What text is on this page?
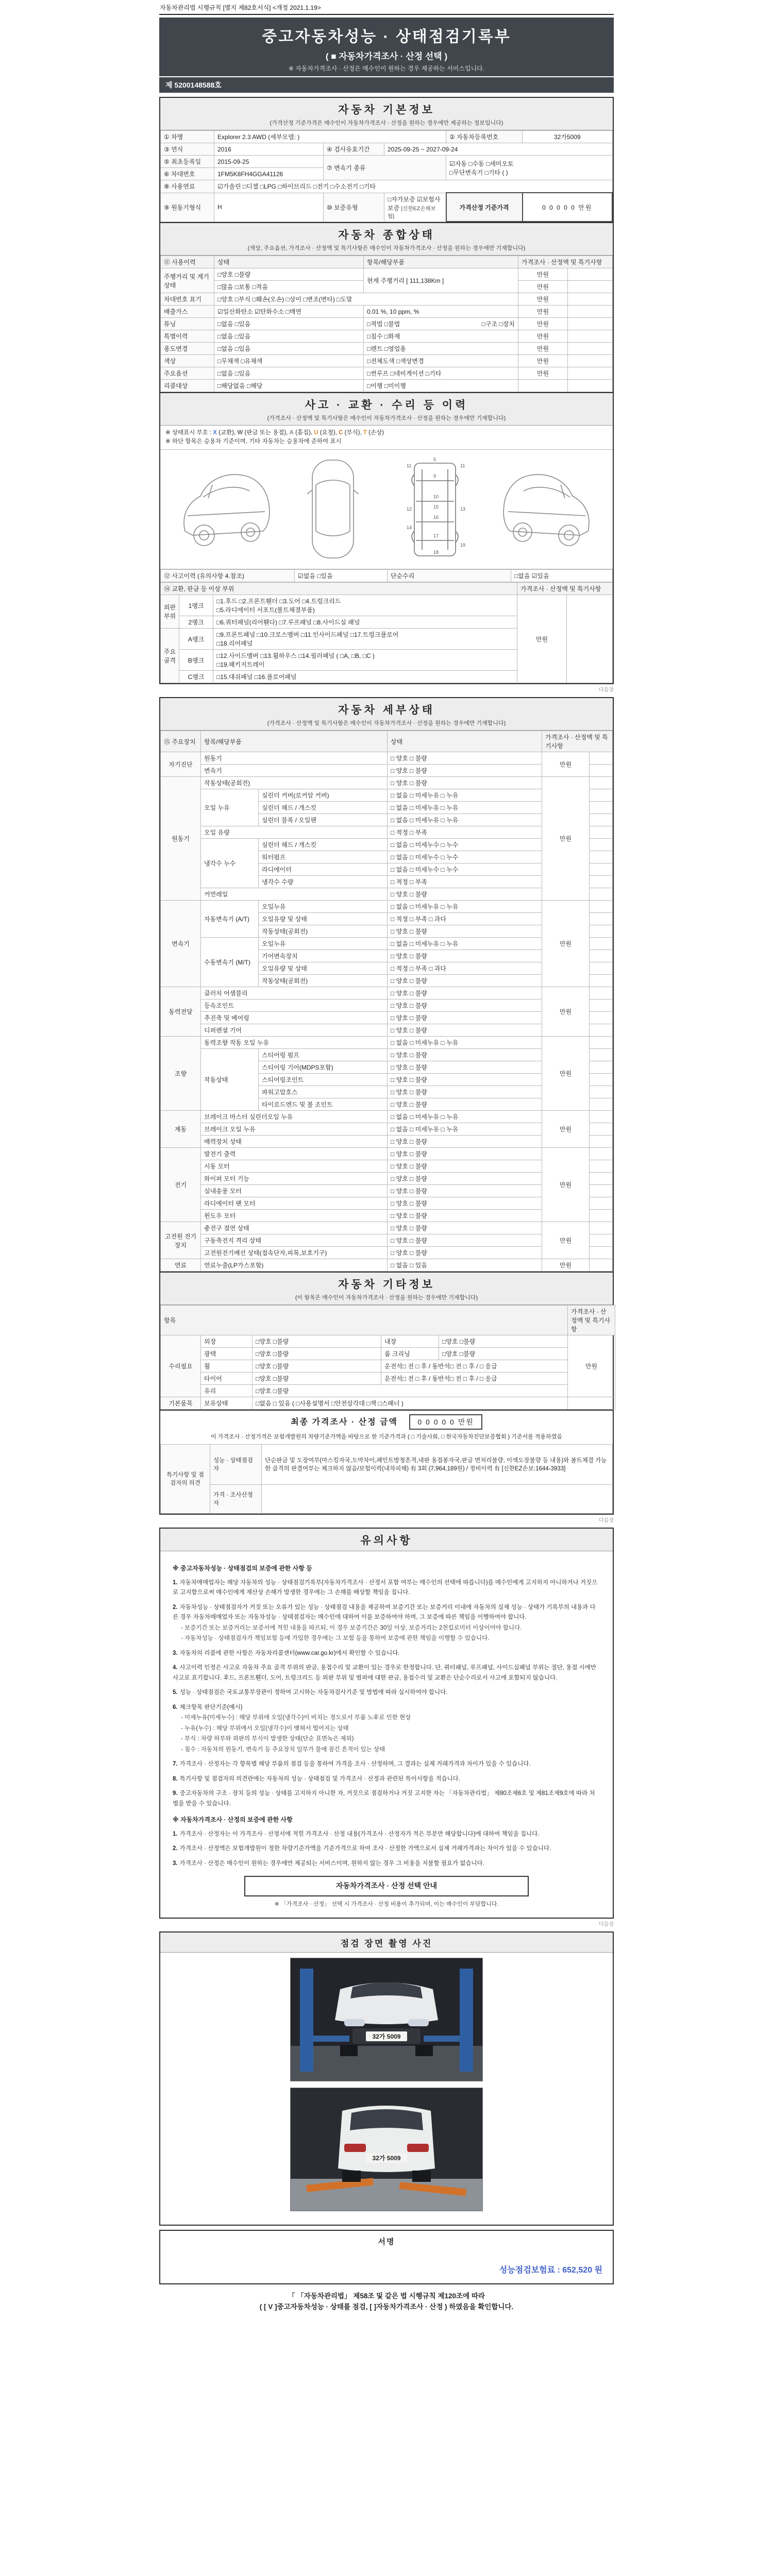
자동차관리법 시행규칙 [별지 제82호서식] <개정 2021.1.19>
중고자동차성능 · 상태점검기록부
( ■ 자동차가격조사 · 산정 선택 )
※ 자동차가격조사 · 산정은 매수인이 원하는 경우 제공하는 서비스입니다.
제 5200148588호
자동차 기본정보
(가격산정 기준가격은 매수인이 자동차가격조사 · 산정을 원하는 경우에만 제공하는 정보입니다)
① 차명	Explorer 2.3 AWD (세부모델: )			② 자동차등록번호	32가5009
③ 연식	2016	④ 검사유효기간	2025-09-25 ~ 2027-09-24		
⑤ 최초등록일	2015-09-25	⑦ 변속기 종류		☑자동 □수동 □세미오토
□무단변속기 □기타 ( )	

⑥ 차대번호	1FM5K8FH4GGA41126				
⑧ 사용연료	☑가솔린 □디젤 □LPG □하이브리드 □전기 □수소전기 □기타				
⑨ 원동기형식	H	⑩ 보증유형	□자가보증 ☑보험사보증 [신한EZ손해보험]	가격산정 기준가격	0 0 0 0 0 만원
자동차 종합상태
(색상, 주요옵션, 가격조사 · 산정액 및 특기사항은 매수인이 자동차가격조사 · 산정을 원하는 경우에만 기재합니다)
⑪ 사용이력	상태	항목/해당부품	가격조사 · 산정액 및 특기사항	
주행거리 및 계기상태	□양호 □불량	현재 주행거리 [ 111,138Km ]	만원	
	□많음 □보통 □적음		만원	
차대번호 표기	□양호 □부식 □훼손(오손) □상이 □변조(변타) □도말		만원	
배출가스	☑일산화탄소 ☑탄화수소 □매연	0.01 %, 10 ppm, %	만원	
튜닝	□없음 □있음	□적법 □불법 □구조 □장치	만원	
특별이력	□없음 □있음	□침수 □화재	만원	
용도변경	□없음 □있음	□렌트 □영업용	만원	
색상	□무채색 □유채색	□전체도색 □색상변경	만원	
주요옵션	□없음 □있음	□썬루프 □네비게이션 □기타	만원	
리콜대상	□해당없음 □해당	□이행 □미이행		
사고 · 교환 · 수리 등 이력
(가격조사 · 산정액 및 특기사항은 매수인이 자동차가격조사 · 산정을 원하는 경우에만 기재합니다)
※ 상태표시 부호 : X (교환), W (판금 또는 용접), A (흠집), U (요철), C (부식), T (손상)
※ 하단 항목은 승용차 기준이며, 기타 자동차는 승용차에 준하여 표시
5
11	11
9
10
12	13
14
15
16
17
18
19
⑫ 사고이력 (유의사항 4.참조)	☑없음 □있음	단순수리	□없음 ☑있음
⑭ 교환, 판금 등 이상 부위			가격조사 · 산정액 및 특기사항	
외판부위	1랭크	□1.후드 □2.프론트휀더 □3.도어 □4.트렁크리드
□5.라디에이터 서포트(볼트체결부품)	만원	
	2랭크	□6.쿼터패널(리어휀다) □7.루프패널 □8.사이드실 패널		
주요골격	A랭크	□9.프론트패널 □10.크로스멤버 □11.인사이드패널 □17.트렁크플로어
□18.리어패널		

	B랭크	□12.사이드멤버 □13.휠하우스 □14.필러패널 ( □A, □B, □C )
□19.패키지트레이		

	C랭크	□15.대쉬패널 □16.플로어패널		
다음장
자동차 세부상태
(가격조사 · 산정액 및 특기사항은 매수인이 자동차가격조사 · 산정을 원하는 경우에만 기재합니다)
⑮ 주요장치	항목/해당부품		상태	가격조사 · 산정액 및 특기사항	
자기진단	원동기		□ 양호 □ 불량	만원	
	변속기		□ 양호 □ 불량		
원동기	작동상태(공회전)		□ 양호 □ 불량	만원	
	오일 누유	실린더 커버(로커암 커버)	□ 없음 □ 미세누유 □ 누유		
		실린더 헤드 / 개스킷	□ 없음 □ 미세누유 □ 누유		
		실린더 블록 / 오일팬	□ 없음 □ 미세누유 □ 누유		
	오일 유량		□ 적정 □ 부족		
	냉각수 누수	실린더 헤드 / 개스킷	□ 없음 □ 미세누수 □ 누수		
		워터펌프	□ 없음 □ 미세누수 □ 누수		
		라디에이터	□ 없음 □ 미세누수 □ 누수		
		냉각수 수량	□ 적정 □ 부족		
	커먼레일		□ 양호 □ 불량		
변속기	자동변속기 (A/T)	오일누유	□ 없음 □ 미세누유 □ 누유	만원	
		오일유량 및 상태	□ 적정 □ 부족 □ 과다		
		작동상태(공회전)	□ 양호 □ 불량		
	수동변속기 (M/T)	오일누유	□ 없음 □ 미세누유 □ 누유		
		기어변속장치	□ 양호 □ 불량		
		오일유량 및 상태	□ 적정 □ 부족 □ 과다		
		작동상태(공회전)	□ 양호 □ 불량		
동력전달	클러치 어셈블리		□ 양호 □ 불량	만원	
	등속조인트		□ 양호 □ 불량		
	추진축 및 베어링		□ 양호 □ 불량		
	디퍼렌셜 기어		□ 양호 □ 불량		
조향	동력조향 작동 오일 누유		□ 없음 □ 미세누유 □ 누유	만원	
	작동상태	스티어링 펌프	□ 양호 □ 불량		
		스티어링 기어(MDPS포함)	□ 양호 □ 불량		
		스티어링조인트	□ 양호 □ 불량		
		파워고압호스	□ 양호 □ 불량		
		타이로드엔드 및 볼 조인트	□ 양호 □ 불량		
제동	브레이크 마스터 실린더오일 누유		□ 없음 □ 미세누유 □ 누유	만원	
	브레이크 오일 누유		□ 없음 □ 미세누유 □ 누유		
	배력장치 상태		□ 양호 □ 불량		
전기	발전기 출력		□ 양호 □ 불량	만원	
	시동 모터		□ 양호 □ 불량		
	와이퍼 모터 기능		□ 양호 □ 불량		
	실내송풍 모터		□ 양호 □ 불량		
	라디에이터 팬 모터		□ 양호 □ 불량		
	윈도우 모터		□ 양호 □ 불량		
고전원 전기장치	충전구 절연 상태		□ 양호 □ 불량	만원	
	구동축전지 격리 상태		□ 양호 □ 불량		
	고전원전기배선 상태(접속단자,피복,보호기구)		□ 양호 □ 불량		
연료	연료누출(LP가스포함)		□ 없음 □ 있음	만원	
자동차 기타정보
(이 항목은 매수인이 자동차가격조사 · 산정을 원하는 경우에만 기재합니다)
항목					가격조사 · 산정액 및 특기사항	
수리필요	외장	□양호 □불량	내장	□양호 □불량	만원	
	광택	□양호 □불량	룸 크리닝	□양호 □불량		
	휠	□양호 □불량	운전석□ 전 □ 후 / 동반석□ 전 □ 후 / □ 응급			
	타이어	□양호 □불량	운전석□ 전 □ 후 / 동반석□ 전 □ 후 / □ 응급			
	유리	□양호 □불량				
기본품목	보유상태	□없음 □ 있음 ( □사용설명서 □안전삼각대 □잭 □스패너 )				
최종 가격조사 · 산정 금액	0 0 0 0 0 만원
이 가격조사 · 산정가격은 보험개발원의 차량기준가액을 바탕으로 한 기준가격과 ( □ 기술사회, □ 한국자동차진단보증협회 ) 기준서를 적용하였음
특기사항 및 점검자의 의견	성능 · 상태점검자	단순판금 및 도장여부(마스킹자국,도막차이,페인트방청흔적,내판 용접봉자국,판금 면처리불량, 이색도장불량 등 내용)와 볼트체결 가능한 골격의 판결여부는 체크하지 않음/보험이력(내차피해) 有 3회 (7,964,189원) / 정비이력 有 [신한EZ손보:1644-3933]
	가격 · 조사산정자	
다음장
유의사항
※ 중고자동차성능 · 상태점검의 보증에 관한 사항 등
1. 자동차매매업자는 해당 자동차의 성능 · 상태점검기록부(자동차가격조사 · 산정서 포함 여부는 매수인의 선택에 따릅니다)를 매수인에게 고지하지 아니하거나 거짓으로 고지함으로써 매수인에게 재산상 손해가 발생한 경우에는 그 손해를 배상할 책임을 집니다.
2. 자동차성능 · 상태점검자가 거짓 또는 오류가 있는 성능 · 상태점검 내용을 제공하여 보증기간 또는 보증거리 이내에 자동차의 실제 성능 · 상태가 기록부의 내용과 다른 경우 자동차매매업자 또는 자동차성능 · 상태점검자는 매수인에 대하여 이를 보증하여야 하며, 그 보증에 따른 책임을 이행하여야 합니다.
- 보증기간 또는 보증거리는 보증서에 적힌 내용을 따르되, 이 경우 보증기간은 30일 이상, 보증거리는 2천킬로미터 이상이어야 합니다.
- 자동차성능 · 상태점검자가 책임보험 등에 가입한 경우에는 그 보험 등을 통하여 보증에 관한 책임을 이행할 수 있습니다.
3. 자동차의 리콜에 관한 사항은 자동차리콜센터(www.car.go.kr)에서 확인할 수 있습니다.
4. 사고이력 인정은 사고로 자동차 주요 골격 부위의 판금, 용접수리 및 교환이 있는 경우로 한정합니다. 단, 쿼터패널, 루프패널, 사이드실패널 부위는 절단, 용접 시에만 사고로 표기합니다. 후드, 프론트휀더, 도어, 트렁크리드 등 외판 부위 및 범퍼에 대한 판금, 용접수리 및 교환은 단순수리로서 사고에 포함되지 않습니다.
5. 성능 · 상태점검은 국토교통부장관이 정하여 고시하는 자동차검사기준 및 방법에 따라 실시하여야 합니다.
6. 체크항목 판단기준(예시)
- 미세누유(미세누수) : 해당 부위에 오일(냉각수)이 비치는 정도로서 부품 노후로 인한 현상
- 누유(누수) : 해당 부위에서 오일(냉각수)이 맺혀서 떨어지는 상태
- 부식 : 차량 하부와 외판의 부식이 발생한 상태(단순 표면녹은 제외)
- 침수 : 자동차의 원동기, 변속기 등 주요장치 일부가 물에 잠긴 흔적이 있는 상태
7. 가격조사 · 산정자는 각 항목별 해당 부품의 점검 등을 통하여 가격을 조사 · 산정하며, 그 결과는 실제 거래가격과 차이가 있을 수 있습니다.
8. 특기사항 및 점검자의 의견란에는 자동차의 성능 · 상태점검 및 가격조사 · 산정과 관련된 특이사항을 적습니다.
9. 중고자동차의 구조 · 장치 등의 성능 · 상태를 고지하지 아니한 자, 거짓으로 점검하거나 거짓 고지한 자는 「자동차관리법」 제80조제6호 및 제81조제9호에 따라 처벌을 받을 수 있습니다.
※ 자동차가격조사 · 산정의 보증에 관한 사항
1. 가격조사 · 산정자는 이 가격조사 · 산정서에 적힌 가격조사 · 산정 내용(가격조사 · 산정자가 적은 부분만 해당합니다)에 대하여 책임을 집니다.
2. 가격조사 · 산정액은 보험개발원이 정한 차량기준가액을 기준가격으로 하여 조사 · 산정한 가액으로서 실제 거래가격과는 차이가 있을 수 있습니다.
3. 가격조사 · 산정은 매수인이 원하는 경우에만 제공되는 서비스이며, 원하지 않는 경우 그 비용을 지불할 필요가 없습니다.
자동차가격조사 · 산정 선택 안내
※ 「가격조사 · 산정」 선택 시 가격조사 · 산정 비용이 추가되며, 이는 매수인이 부담합니다.
다음장
점검 장면 촬영 사진
32가 5009
32가 5009
서명
성능점검보험료 : 652,520 원
「 「자동차관리법」 제58조 및 같은 법 시행규칙 제120조에 따라
( [ V ]중고자동차성능 · 상태를 점검, [ ]자동차가격조사 · 산정 ) 하였음을 확인합니다.
